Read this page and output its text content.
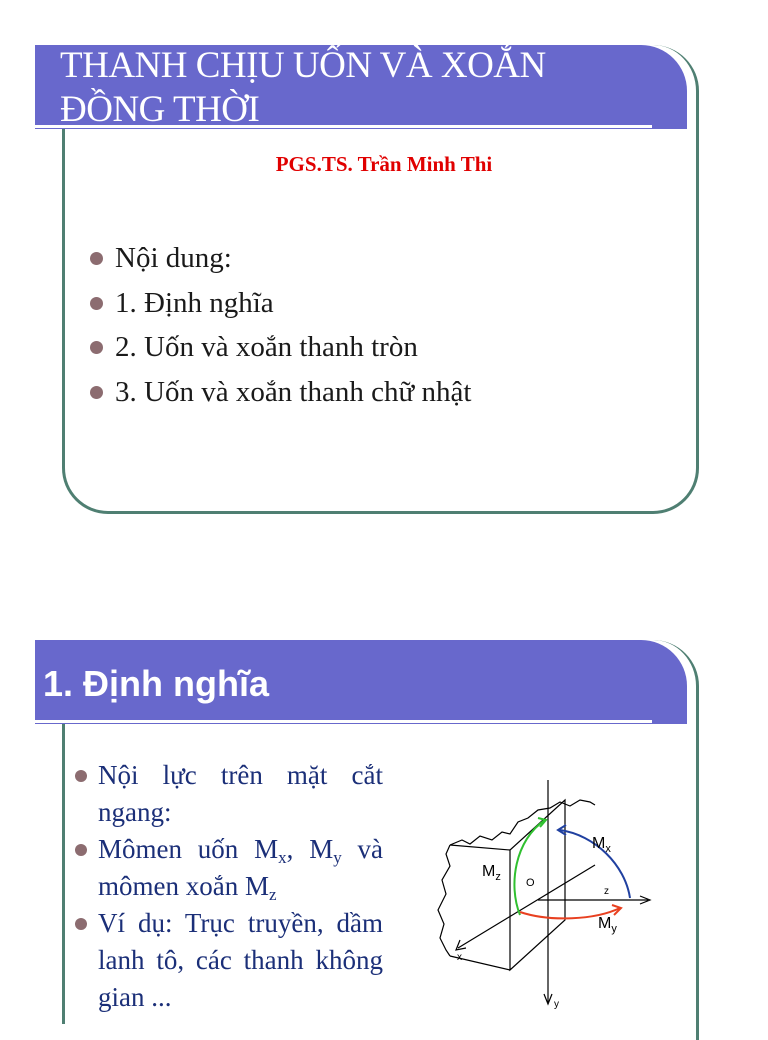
THANH CHỊU UỐN VÀ XOẮN
ĐỒNG THỜI
PGS.TS. Trần Minh Thi
Nội dung:
1. Định nghĩa
2. Uốn và xoắn thanh tròn
3. Uốn và xoắn thanh chữ nhật
1. Định nghĩa
Nội lực trên mặt cắt ngang:
Mômen uốn $M_x$, $M_y$ và mômen xoắn $M_z$
Ví dụ: Trục truyền, dầm lanh tô, các thanh không gian ...
$M_x$
$M_z$ O
z
$M_y$
x
y
